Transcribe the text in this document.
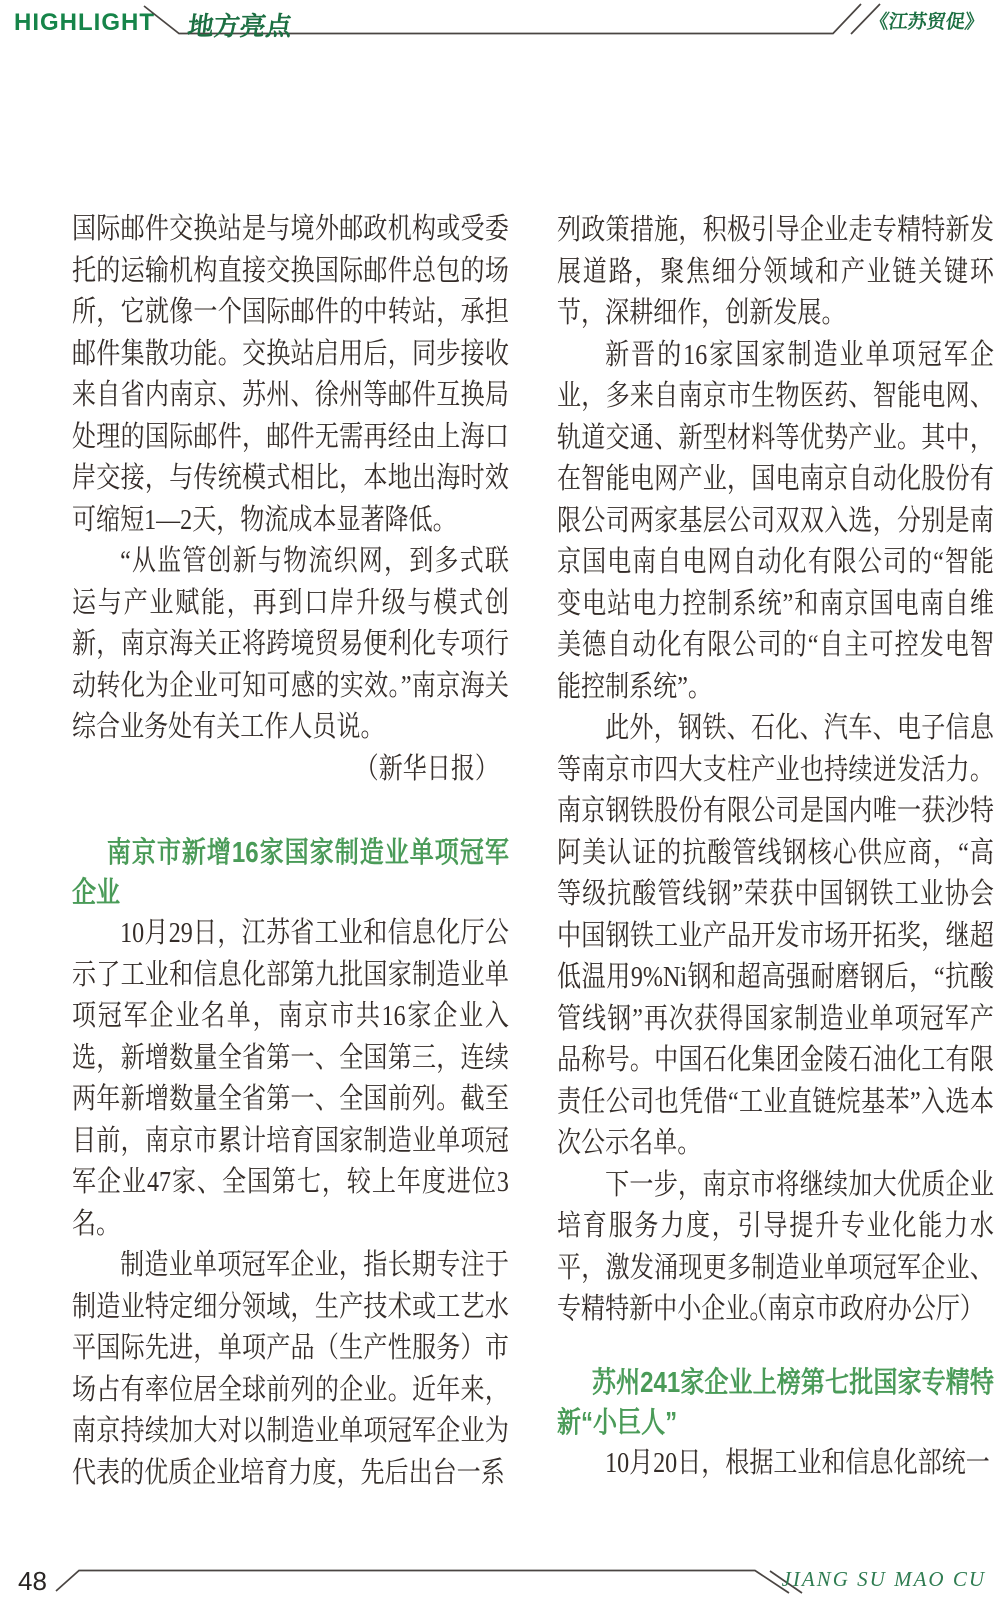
HIGHLIGHT 地方亮点	《江苏贸促》

国际邮件交换站是与境外邮政机构或受委托的运输机构直接交换国际邮件总包的场所，它就像一个国际邮件的中转站，承担邮件集散功能。交换站启用后，同步接收来自省内南京、苏州、徐州等邮件互换局处理的国际邮件，邮件无需再经由上海口岸交接，与传统模式相比，本地出海时效可缩短1—2天，物流成本显著降低。

“从监管创新与物流织网，到多式联运与产业赋能，再到口岸升级与模式创新，南京海关正将跨境贸易便利化专项行动转化为企业可知可感的实效。”南京海关综合业务处有关工作人员说。

（新华日报）

南京市新增16家国家制造业单项冠军企业

10月29日，江苏省工业和信息化厅公示了工业和信息化部第九批国家制造业单项冠军企业名单，南京市共16家企业入选，新增数量全省第一、全国第三，连续两年新增数量全省第一、全国前列。截至目前，南京市累计培育国家制造业单项冠军企业47家、全国第七，较上年度进位3名。

制造业单项冠军企业，指长期专注于制造业特定细分领域，生产技术或工艺水平国际先进，单项产品（生产性服务）市场占有率位居全球前列的企业。近年来，南京持续加大对以制造业单项冠军企业为代表的优质企业培育力度，先后出台一系

列政策措施，积极引导企业走专精特新发展道路，聚焦细分领域和产业链关键环节，深耕细作，创新发展。

新晋的16家国家制造业单项冠军企业，多来自南京市生物医药、智能电网、轨道交通、新型材料等优势产业。其中，在智能电网产业，国电南京自动化股份有限公司两家基层公司双双入选，分别是南京国电南自电网自动化有限公司的“智能变电站电力控制系统”和南京国电南自维美德自动化有限公司的“自主可控发电智能控制系统”。

此外，钢铁、石化、汽车、电子信息等南京市四大支柱产业也持续迸发活力。南京钢铁股份有限公司是国内唯一获沙特阿美认证的抗酸管线钢核心供应商，“高等级抗酸管线钢”荣获中国钢铁工业协会中国钢铁工业产品开发市场开拓奖，继超低温用9%Ni钢和超高强耐磨钢后，“抗酸管线钢”再次获得国家制造业单项冠军产品称号。中国石化集团金陵石油化工有限责任公司也凭借“工业直链烷基苯”入选本次公示名单。

下一步，南京市将继续加大优质企业培育服务力度，引导提升专业化能力水平，激发涌现更多制造业单项冠军企业、专精特新中小企业。
（南京市政府办公厅）

苏州241家企业上榜第七批国家专精特新“小巨人”

10月20日，根据工业和信息化部统一

48	JIANG SU MAO CU
